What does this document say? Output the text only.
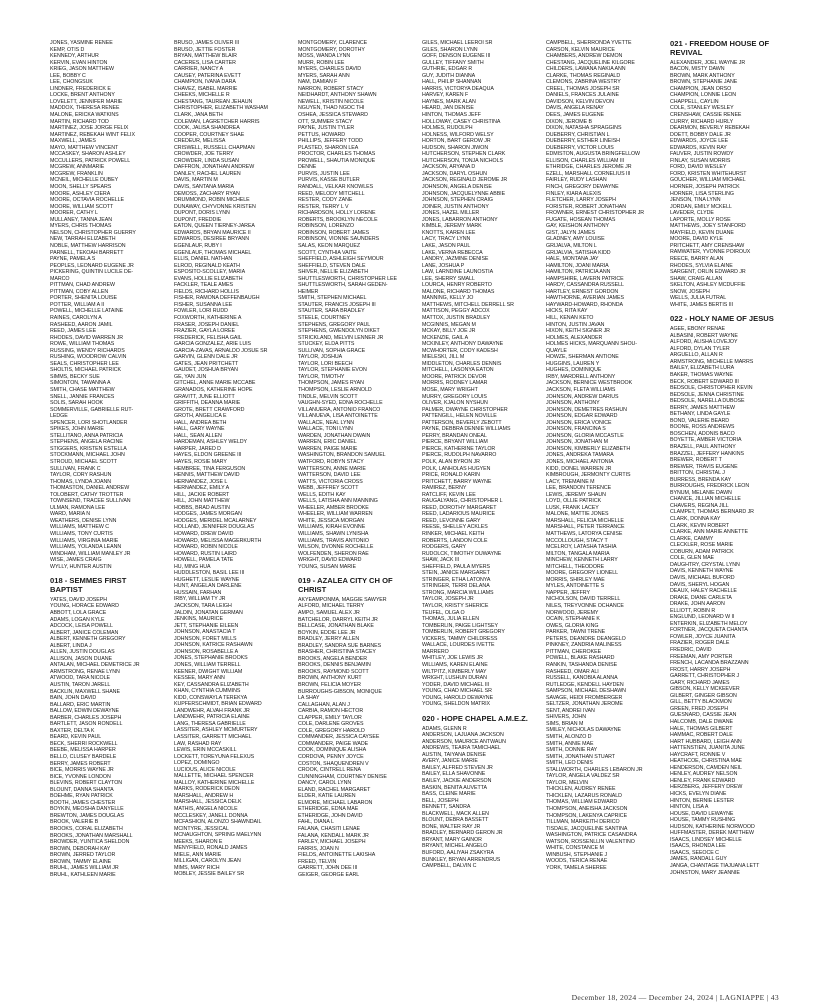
JONES, YASMINE RENEE
KEMP, OTIS D
KENNEDY, ARTHUR
KERVIN, EVAN HINTON
KRIEG, JASON MATTHEW
LEE, BOBBY C
LEE, CHONGSUK
LINDNER, FREDERICK E
LOCKE, BRENT ANTHONY
LOVELETT, JENNIFER MARIE
MADDOX, THERESA RENEE
MALONE, ERICKA WATKINS
MARTIN, RICHARD TOD
MARTINEZ, JOSE JORGE FELIX
MARTINEZ, REBEKAH WINT FELIX
MAXWELL, JAMES
MAYO, MATTHEW VINCENT
MCCASKEY, SHARON ASHLEY
MCCULLERS, PATRICK POWELL
MCGREW, ANNMARIE
MCGREW, FRANKLIN
MCNEIL, MICHELLE DUBEY
MOON, SHELLY SPEARS
MOORE, ASHLEY CIERA
MOORE, OCTAVIA ROCHELLE
MOORE, WILLIAM SCOTT
MOORER, CATHY L
MULLANEY, TANNA JEAN
MYERS, CHRIS THOMAS
NELSON, CHRISTOPHER GUERRY
NEW, TARRAH ELIZABETH
NOBLE, MATTHEW HARRISON
PARNELL, TEKOAH BARRETT
PAYNE, PAMELA S
PEOPLES, LEONARD EUGENE JR
PICKERING, QUINTIN LUCILE DE-
MARCO
PITTMAN, CHAD ANDREW
PITTMAN, COBY ALLEN
PORTER, SHENITA LOUISE
POTTER, WILLIAM A II
POWELL, MICHELLE LATAINE
RAINES, CAROLYN A
RASHEED, AARON JAMIL
REED, JAMES LEE
RHODES, DAVID WARREN JR
ROWE, WILLIAM THOMAS
RUSSING, WENDY RICHARDS
RUSHING, WOODROW CALVIN
SEALS, CHRISTOPHER LEE
SHOLTIS, MICHAEL PATRICK
SIMMS, BECKY SUE
SIMONTON, TAWANNA A
SMITH, CHASE MATTHEW
SNELL, JANNIE FRANCES
SOLIS, SARAH HOOK
SOMMERVILLE, GABRIELLE RUT-
LEDGE
SPENCER, LORI SHOTLANDER
SPIKES, JOHN MARIE
STELLITANO, ANNA PATRICIA
STEPHENS, ANGELA RACINE
STIGGERS, KRISTEN ESTELLA
STOCKMANN, MICHAEL JOHN
STROUD, MICHAEL SCOTT
SULLIVAN, FRANK C
TAYLOR, CORY RASHUN
THOMAS, LYNDA JOANN
THOMASTON, DANIEL ANDREW
TOLOBERT, CATHY TROTTER
TOWNSEND, TRACEE SULLIVAN
ULMAN, RAMONA LEE
WARD, MARIA N
WEATHERS, DENISE LYNN
WILLIAMS, MATTHEW C
WILLIAMS, TONY CURTIS
WILLIAMS, VIRGINIA MARIE
WILLIAMS, YOLANDA LEANN
WINDHAM, WILLIAM MANLEY JR
WISE, JAMES CRAIG
WYLLY, HUNTER AUSTIN
018 - SEMMES FIRST BAPTIST
YATES, DAVID JOSEPH
YOUNG, HORACE EDWARD
ABBOTT, LOLA GRACE
ADAMS, LOGAN KYLE
ADCOCK, LEISA POWELL
ALBERT, JANICE COLEMAN
ALBERT, KENNETH GREGORY
ALBERT, LINDA J
ALLEN, JUSTIN DOUGLAS
ALLISON, JASON DUANE
ANTALAN, MICHAEL DEMETRICE JR
ARMSTRONG, RENAE LYNN
ATWOOD, TARA NICOLE
AUSTIN, TARON JARELL
BACKLIN, MAXWELL SHANE
BAIN, JOHN DAVID
BALLARD, ERIC MARTIN
BALLOW, EDWIN DEWAYNE
BARBER, CHARLES JOSEPH
BARTLETT, JASON RONDELL
BAXTER, DELTA K
BEARD, KEVIN PAUL
BECK, SHERRI ROCKWELL
BEEBE, MELISSA HARPER
BELLO, CLUSEY BARDELE
BERRY, JAMES ROBERT
BICE, MORRIS WAYNE JR
BICE, YVONNE LONDON
BLEVINS, ROBERT CLAYTON
BLOUNT, DANNA SHANTA
BOEHME, RYAN PATRICK
BOOTH, JAMES CHESTER
BOYKIN, MEOSHA DANYELLE
BREWTON, JAMES DOUGLAS
BROOK, VALERIE B
BROOKS, CORAL ELIZABETH
BROOKS, JONATHAN MARSHALL
BROWDER, YUNTICA SHELDON
BROWN, DEBORAH KAY
BROWN, JERRED TAYLOR
BROWN, TAMMY ELAINE
BRUHL, JAMES WILLIAM JR
BRUHL, KATHLEEN MARIE
BRUSO, JAMES OLIVER III
BRUSO, JETTIE FOSTER
BRYAN, MATTHEW BLAIR
CACERES, LISA CARTER
CARRIER, NANCY A
CAUSEY, PATERINA EVETT
CHAMPION, IVANA DARA
CHAVEZ, ISABEL MARRIE
CHEEKS, MICHELLE R
CHESTANG, TAUREAN JEHAUN
CHRISTOPHER, ELIZABETH WASHAM
CLARK, JANA BETH
COLEMAN, LAGRETCHER HARRIS
COOK, JALISA SHANDREA
COOPER, COURTNEY SHAE
CREDEUR, MELISSA
CRISWELL, RUSSELL CHAPMAN
CROWDER, JOE TERRY
CROWDER, LINDA SUSAN
DAFFRON, JONATHAN ANDREW
DANLEY, RACHEL LAUREN
DAVIS, MARTIN M
DAVIS, SANTANA MARIA
DEMOSS, ZACHARY RYAN
DRUMMOND, ROBIN MICHELE
DUNAWAY, CHYVONNE KRISTEN
DUPONT, DORIS LYNN
DUPONT, FREDDIE
EATON, QUEEN TIERNEY-JAREA
EDWARDS, BRYAN MAURICE II
EDWARDS, DESIREE BRYANN
EGENLAUF, RUBY I
EGENLAUF, THOMAS MICHAEL
ELLIS, DANIEL NATHAN
ELROD, REGINALD KEATH
ESPOSITO-SCOLLEY, MARIA
EVANS, HOLLIE ELIZABETH
FACKLER, TEALE AMES
FIELDS, RICHARD HOLLIS
FISHER, RAMONA DEFFENBAUGH
FISHER, SUSANNA LEE
FOWLER, LORI RUDD
FOXWORTH, KATHERINE A
FRASER, JOSEPH DANIEL
FRAZIER, GAYLA LOREE
FREDERICK, FELISHA GAIL
GARCIA GONZALEZ, ARIE LUIS
GARCIA-ZAVAS, ARNALDO JOSUE SR
GARVIN, GLENN DALE JR
GATES, JEAN PRITCHETT
GAUDET, JOSHUA BRYAN
GE, YAN JUN
GITCHEL, ANNE MARIE MCCABE
GRANADOS, KATHERINE HOPE
GRAVITT, JUNE ELLIOTT
GRIFFITH, DEANNA MARIE
GROTE, BRETT CRAWFORD
GROTH, ANGELICA E
HALL, ANDREA BETH
HALL, GARY WAYNE
HALL, SEAN ALLEN
HARDEMAN, ASHLEY WELDY
HARPER, JARED D
HAYES, ELDON GREENE III
HAYES, ROSIE MARY
HEMBREE, TINA FERGUSON
HENNIS, MATTHEW DAVID
HERNANDEZ, JOSE L
HERNANDEZ, EMILY A
HILL, JACKIE ROBERT
HILL, JOHN MATTHEW
HOBBS, BRAD AUSTIN
HODGES, JAMES MORGAN
HODGES, MERIDEL MCALARNEY
HOLLAND, JENNIFER DOUGLAS
HOWARD, DREW DAVID
HOWARD, MELISSA MAGERKURTH
HOWARD, ROBIN NICOLE
HOWARD, RUSTIN LAIRD
HOWELL, PAMELA TATE
HU, MING HUA
HUDDLESTON, BASIL LEE III
HUGHETT, LESLIE WAYNE
HUNT, ANGELAN DARLENE
HUSSAIN, FARHAN
IRBY, WILLIAM TY JR
JACKSON, TARA LEIGH
JALDIN, JONATAN GERMAN
JENKINS, MAURICE
JETT, STEPHANIE EILEEN
JOHNSON, ANASTACIA T
JOHNSON, FORET MILLS
JOHNSON, KATRICE RASHAWN
JOHNSON, ROSABELLE A
JONES, STEPHANIE BROOKS
JONES, WILLIAM TERRELL
KEENER, DWIGHT WILLIAM
KESSEE, MARY ANN
KEY, CASSANDRA ELIZABETH
KHAN, CYNTHIA CUMMINS
KIDD, CONSWAYLA TEREKYA
KUPFERSCHMIDT, BRIAN EDWARD
LANDWEHR, ALVAH FRANK JR
LANDWEHR, PATRICIA ELAINE
LANG, THERESA GABRIELLE
LASSITER, ASHLEY MCMURTERY
LASSITER, GARRETT MICHAEL
LAW, RASHAD RAY
LEWIS, ERIN MCCASKILL
LOCKETT, TOREYUNA FELEXUS
LOPEZ, DOMINGO
LUCIOUS, ALICE NICOLE
MALLETTE, MICHAEL SPENCER
MALLOY, KATHERINE MICHELLE
MARKS, RODERICK DEON
MARSHALL, ANDREW H
MARSHALL, JESSICA DELK
MATHIS, ANGELA NICOLE
MCCLESKEY, JANELL DONNA
MCFASHION, ALONZO SHAWNDAIL
MCINTYRE, JESSICAL
MCNAUGHTON, SPRING MAELYNN
MEEKS, SHARON E
MENYFIELD, RONALD JAMES
MIELE, ANN MARIE
MILLIGAN, CAROLYN JEAN
MIMS, MARY RICH
MOBLEY, JESSIE BAILEY SR
MONTGOMERY, CLARENCE
MONTGOMERY, DOROTHY
MOSS, WANDA LYNN
MURR, ROBIN LEE
MYERS, CHARLES DAVID
MYERS, SARAH ANN
NAM, DAMIAN F
NARRON, ROBERT STACY
NEIDHARDT, ANTHONY SHAWN
NEWELL, KRISTIN NICOLE
NGUYEN, THAO NGOC THI
OSHEA, JESSICA STEWARD
OTT, SUMMER STACY
PAYNE, JUSTIN TYLER
PETTUS, HOWARD
PHILLIPS, JEFFERY TODD
PLASTED, SHARON LEA
PROCTOR, CHARLES THOMAS
PROWELL, SHAUTIA MONIQUE
DENNE
PURVIS, JUSTIN LEE
PURVIS, KASSE BUTLER
RANDALL, VELKAR KNOWLES
REED, MELODY MITCHELL
RESTER, CODY ZANE
RESTER, TERRY L V
RICHARDSON, HOLLY LORENE
ROBERTS, BROOKLYN NECOLE
ROBINSON, LORENZO
ROBINSON, ROBERT JAMES
ROBINSON, VIONNE SAUNDERS
SALAS, KEON MARQUEZ
SCOTT, CYNTHIA VAITE
SHEFFIELD, ASHLEIGH SEYMOUR
SHEFFIELD, STEVEN DALE
SHIVER, NELLIE ELIZABETH
SHUTTLESWORTH, CHRISTOPHER LEE
SHUTTLESWORTH, SARAH GEDEN-
HEIMER
SMITH, STEPHEN MICHAEL
STAUTER, FRANCIS JOSEPH III
STAUTER, SARA BRADLEY
STEELE, COURTNEY
STEPHENS, GREGORY PAUL
STEPHENS, GWENDOLYN DIKET
STRICKLAND, MELVIN LENNER JR
STUCKEY, ELDA PITTS
SULLIVAN, SOPHIA GRACE
TAYLOR, JOSHUA
TAYLOR, LORI BEECH
TAYLOR, STEPHANIE EVON
TAYLOR, TIMOTHY
THOMPSON, JAMES RYAN
THOMPSON, LESLIE ARNOLD
TINDLE, MELVIN SCOTT
VAUGHN-SYED, EDNA ROCHELLE
VILLANUERA, ANTONIO FRANCO
VILLANUEVA, LISA ANTOINETTE
WALLACE, NEAL LYNN
WALLACE, TONI LYNN
WARDEN, JONATHAN DWAIN
WARREN, ERIC DANIEL
WARREN, PAIGE MARIE
WASHINGTON, BRANDON SAMUEL
WATFORD, ROBYN STACY
WATTERSON, ANNE MARIE
WATTERSON, DAVID LEE
WATTS, VICTORIA CROSS
WEBB, JEFFREY SCOTT
WELLS, EDITH KAY
WELLS, LATISHA ANN MANNING
WHEELER, AMBER BROOKE
WHEELER, WILLIAM WARREN
WHITE, JESSICA MORGAN
WILLIAMS, KIRAH EVONNE
WILLIAMS, SHAWN LYNISHA
WILLIAMS, TRAVIS ANTONIO
WILSON, DVONNE ROCHELLE
WOLFENDEN, SHERON RAE
WRIGHT, DAVID EDWARD
YOUNG, SUSAN MARIE
019 - AZALEA CITY CH OF CHRIST
AKYEAMPONMA, MAGGIE SAWYER
ALFORD, MICHAEL TERRY
AMPO, SAMUEL ALEX JR
BATCHELOR, DARRYL KEITH JR
BELLCASE, JONATHAN BLAKE
BOYKIN, EDDIE LEE JR
BRADLEY, JERRY ALLEN
BRADLEY, SANDRA SUE BARNES
BRASHER, CHRISTINA STACEY
BROOKS, ANGELA BENDER
BROOKS, DENNIS BENJAMIN
BROOKS, RAYMOND SCOTT
BROWN, ANTHONY KURT
BROWN, FELICIA MOYER
BURROUGHS-GIBSON, MONIQUE
LA SHAY
CALLAGHAN, ALAN J
CARBIA, RAMON HECTOR
CLAPPER, EMILY TAYLOR
COLE, DARLENE GROVES
COLE, GREGORY HAROLD
COMMANDER, JESSICA CAYSEE
COMMANDER, PAIGE WADE
COOK, DOMINIQUE ALISHA
CORDOVA, PENNY JOYCE
COSTON, SHAQUENDREN V
CROOK, CINTRELL RENA
CUNNINGHAM, COURTNEY DENISE
DANCY, CAROL LYNN
ELAND, RACHEL MARGARET
ELDER, KATIE LAUREN
ELMORE, MICHAEL LABARON
ETHERIDGE, EDNA MAE
ETHERIDGE, JOHN DAVID
FAHL, DIANA L
FALANA, CHASITI LENAE
FALANA, KENDALL MARK JR
FARLEY, MICHAEL JOSEPH
FARRIS, JOAN N
FIELDS, ANTOINETTE LAKISHA
FREED, TELVIN
GARRETT, JOHN DEE III
GEIGER, GEORGE EARL
GILES, MICHAEL LEEROI SR
GILES, SHARON LYNN
GOFF, DENSON EUGENE III
GULLEY, TIFFANY SMITH
GUTHRIE, EDGAR R
GUY, JUDITH DIANNA
HALL, PHILIP SHANNAN
HARRIS, VICTORYA DEAQUA
HARVEY, KAREN F
HAYNES, MARK ALAN
HEARD, JAN DENISE
HINTON, THOMAS JEFF
HOLLOWAY, CASEY CHRISTINA
HOLMES, RUDOLPH
HOLNESS, WILFORD WELSY
HORTON, BART GEROW JR
HUDSON, SHARON JIWON
HUTCHERSON, STEPHEN CLARK
HUTCHERSON, TONJA NICHOLS
JACKSON, ARYANA D
JACKSON, DARYL OSHUN
JACKSON, REGINALD JEROME JR
JOHNSON, ANGELA DENISE
JOHNSON, JACQUELYNNE ABBIE
JOHNSON, STEPHEN CRAIG
JOINER, JUSTIN ANTHONY
JONES, HAZEL MILLER
JONES, LABARRON ANTHONY
KIMBLE, JEREMY MARK
KNOTTS, KAREN LEE
LACY, TRACY LYNN
LAKE, JASON PAUL
LAKE, VERNA REBECCA
LANDRY, JAZMINE DENISE
LANE, JOSHUA P
LAW, LARNDINE LAUNOSTIA
LEE, SHERRY SMALL
LOURCA, HENRY ROBERTO
MALONE, RICHARD THOMAS
MANNING, KELLY JO
MATTHEWS, MITCHELL DERRELL SR
MATTISON, PEGGY ADCOX
MATTOX, JUSTIN BRADLEY
MCGINNIS, MEGAN M
MCKAY, BILLY JOE JR
MCKENZIE, GAIL A
MCKINLEY, ANTHONY DAWAYNE
MCWHORTER, CODY KADESH
MIELESKI, JILL M
MIDDLETON, CHARLES DENNIS
MITCHELL, LASONYA EATON
MOORE, PATRICK DEVOR
MORRIS, RODNEY LAMAR
MOSE, MARY WRIGHT
MURRY, GREGORY LOUIS
OLIVER, KJALON NYSHUN
PALMER, DWAYNE CHRISTOPHER
PATTENGILL, HELEN NOVILLE
PATTERSON, BEVERLY ZEBOTT
PAYNE, DEBBRA DENNIE WILLIAMS
PERRY, BRANDAN ONEAL
PIERCE, BRYANT WILLIAM
PIERCE, KATHERINE TAYLOR
PIERCE, RUDOLPH NAVARRO
POLK, ALAN BYRON JR
POLK, LANHOLAS HUGYEN
PRICE, RONALD KARIN
PRITCHETT, BARRY WAYNE
RAMIREZ, BERNY
RATCLIFF, KEVIN LEE
RAUGALYANG, CHRISTOPHER L
REED, DOROTHY MARGARET
REED, LADARIOUS MAURICE
REED, LEVONNE GARY
REESE, SHELLEY ACKLES
RINKER, MICHAEL KEITH
ROBERTS, LANDON COLE
RODGERS, GARY
RUDOLCK, TIMOTHY DUWAYNE
SHAW, JACK III
SHEFFIELD, PAULA MYERS
STEIN, JANICE MARGARET
STRINGER, ETHA LATONYA
STRINGER, TERRI DELANA
STRONG, MARCIA WILLIAMS
TAYLOR, JOSEPH JR
TAYLOR, KRISTY SHERICE
TEUFEL, OLGA O
THOMAS, JULIA ELLEN
TOMBERLIN, PAIGE LIGHTSEY
TOMBERLIN, ROBERT GREGORY
VICKERS, TAMMY CHILDRESS
WALLACE, LOURDES IVETTE
MARRERO
WHITLEY, JOE LEWIS JR
WILLIAMS, KAREN ELAINE
WILTPITZ, KIMBERLY MAY
WRIGHT, LUSHUN DURAN
YODER, DAVID MICHAEL III
YOUNG, CHAD MICHAEL SR
YOUNG, HAROLD DEWAYNE
YOUNG, SHELDON MATRIX
020 - HOPE CHAPEL A.M.E.Z.
ADAMS, GLENN R
ANDERSON, LAJUANA JACKSON
ANDERSON, MAURICE ANTWAUN
ANDREWS, TEAIRA TAMICHAEL
AUSTIN, TAIYANA DENISE
AVERY, JANICE MARIE
BAILEY, ALFRED STEVEN JR
BAILEY, ELLA SHAVONNE
BAILEY, JACKIE ANDERSON
BASKIN, BENITA AUVETTA
BASS, CLEINE MARIE
BELL, JOSEPH
BENNETT, SANDRA
BLACKWELL, MACK ALLEN
BLOUNT, DEBRA BASSETT
BONE, WALTER RAY JR
BRADLEY, BERNARD GERON JR
BRYANT, MARY GAINOR
BRYANT, MICHEL ANGELO
BUFORD, AALIYAH ZSAKYRA
BUNKLEY, BRYAN ARRENDRUS
CAMPBELL, DALVIN C
CAMPBELL, SHERRONDA YVETTE
CARSON, KELVIN MAURICE
CHAMBERS, ANDREW DEMON
CHESTANG, JACQUELINE KILGORE
CHILDERS, LAWANA NAKIA ANN
CLARKE, THOMAS REGINALD
CLEMONS, ZABRINA WESTRY
CREEL, THOMAS JOSEPH SR
DANIELS, FRANCES JULAINE
DAVIDSON, KELVIN DEVON
DAVIS, ANGELA RENAY
DEES, JAMES EUGENE
DIXON, JEROME B
DIXON, NATASHA SPRAGGINS
DUEBERRY, CHRISTIAN L
DUEBERRY, ESTHER LINEISH
DUEBERRY, VICTOR LOUIS
EDMISTON, AUGUSTA BRINGFELLOW
ELLISON, CHARLES WILLIAM III
ETHRIDGE, CHARLES JEROME JR
EZELL, MARSHALL CORNELIUS III
FAIRLEY, RUDY LASHAN
FINCH, GREGORY DEWAYNE
FINLEY, KIARA ALEXIS
FLETCHER, LARRY JOSEPH
FORISTER, ROBERT JONATHAN
FROWNER, ERNEST CHRISTOPHER JR
FUGATE, HOSEAN THOMAS
GAY, KEISHON ANTHONY
GIST, JALYN JAMES
GLADNEY, AMY LOUISE
GRIJALVA, MILTON L
GRIJALVIA, SATISHA KIDD
HALE, MONTANA JAY
HAMILTON, JOANI MARIA
HAMILTON, PATRICIA ANN
HAMPSHIRE, LAVERN PATRICE
HARDY, CASSANDRA RUSSELL
HARTLEY, ERNEST GORDON
HAWTHORNE, AVERIAN JAMES
HAYWARD-HOWARD, RHONDA
HICKS, RITA KAY
HILL, KENAN KETO
HINTON, JUSTIN JAVAN
HIXON, KEITH SIGNER JR
HOLMES, ALEXANDER
HOLMES HICKS, MARQUANN SHOU-
QUAYLE
HOWZE, SHERMAN ANTIONE
HUGGINS, LAUREN Y
HUGHES, DOMINIQUE
IRBY, MARDRELL ANTHONY
JACKSON, BERNICE WESTBROOK
JACKSON, FLETA WILLIAMS
JOHNSON, ANDREW DARIUS
JOHNSON, ANTHONY
JOHNSON, DEMETRES RASHUN
JOHNSON, EDGAR EDWARD
JOHNSON, ERICA VONICE
JOHNSON, FRANCINA S
JOHNSON, GLORIA MCCASTLE
JOHNSON, JONATHAN M
JOHNSON, KIMBERLY ELIZABETH
JONES, ANDREKA TAMARA
JONES, MICHAEL ANTONIA
KIDD, DONEL WARREN JR
KIMBROUGH, JERMONTY CURTIS
LACY, TREMAINE M
LEE, BRANDON TERENCE
LEWIS, JEREMY SHAUN
LOYD, OLLIE PATRICK
LUSK, FRANK LACEY
MALONE, MATTIE JONES
MARSHALL, FELICIA MICHELLE
MARSHALL, PETER TERRANCE
MATTHEWS, LATORYA CENISE
MCCOLLOUGH, STACY T
MCELROY, LATASHA TASHIA
MILTON, TANGALA MARIA
MINCHEW, KENNETH LARRY
MITCHELL, THEODORE
MOORE, GREGORY LIONELL
MORRIS, SHIRLEY MAE
MYLES, ANTOINETTE S
NAPPER, JEFFRY
NICHOLSON, DAVID TERRELL
NILES, TREYVONNE OCHANCE
NORWOOD, JEREMY
OCAIN, STEPHANIE K
OWES, GLORIA KING
PARKER, TAWNI TRENE
PETERS, DEANDRE DEANGELO
PINKNEY, ZANDRIA MALINESS
PITTMAN, CHEROKEE
POWELL, BLAKE RASHARD
RANKIN, TASHANDA DENISE
RASHEED, OMAR ALI
RUSSELL, KANOBIA ALANNA
RUTLEDGE, KENDELL HAYDEN
SAMPSON, MICHAEL DESHAWN
SAVAGE, HEIDI FROMBERGER
SELTZER, JONATHAN JEROME
SENT, ANDREI IVAN
SHIVERS, JOHN
SIMS, BRIAN M
SMILEY, NICHOLAS DAWAYNE
SMITH, ALONZO D
SMITH, ANNIE MAE
SMITH, DONNIE RAY
SMITH, JONATHAN STUART
SMITH, LEO DENIS
STALLWORTH, CHARLES LEBARON JR
TAYLOR, ANGELA VALDEZ SR
TAYLOR, MELVIN
THICKLEN, AUDREY RENEE
THICKLEN, LAZARUS RONALD
THOMAS, WILLIAM EDWARD
THOMPSON, ANEISHA JACKSON
THOMPSON, LAKENYA CAPRICE
TILLMAN, MARKEITH DERICO
TISDALE, JACQUELINE SANTINA
WASHINGTON, PATRICE CASANDRA
WATSON, ROSSENLLIN VALENTINO
WHITE, CONSTANCE M
WINBUSH, STEPHANIE J
WOODS, TERICA RENAE
YORK, TAMELA SHEREE
021 - FREEDOM HOUSE OF REVIVAL
ALEXANDER, JOEL WAYNE JR
BACON, MISTY DAWN
BROWN, MARK ANTHONY
BROWN, STEPHANIE JANE
CHAMPION, JEAN ORSO
CHAMPION, LONNIE LEON
CHAPPELL, CAYLIN
COLE, STANLEY WESLEY
CRENSHAW, CASSIE RENEE
CURRY, RICHARD HURLY
DEARMON, BEVERLY REBEKAH
DOETT, BOBBY DALE JR
EDWARDS, JOYCE LEE
EDWARDS, KEVIN RAY
FAUVER, JUSTIN ROWDY
FINLAY, SUSAN MORRIS
FORD, DAVID WESLEY
FORD, KRISTEN WHITEHURST
GOUCHER, WILLIAM MICHAEL
HORNER, JOSEPH PATRICK
HORNER, LISA STERLING
JENSON, TINA LYNN
JORDAN, EMILY MCKELL
LAVEDER, CLYDE
LAPORTE, MOLLY ROSE
MATTHEWS, JOEY STANFORD
MAYFIELD, KEVIN DUANE
MOORE, DAVID KYLE
PRITCHETT, AMY CRENSHAW
RAMWATER, YVONNE POIROUX
REECE, BARRY ALAN
RHODES, SYLVIA ELAINE
SARGENT, ORLIN EDWARD JR
SHAW, CRAIG ALLAN
SKELTON, ASHLEY MCDUFFIE
SNOW, JOSEPH
WELLS, JULIA FUTRAL
WHITE, JAMES BERTIS III
022 - HOLY NAME OF JESUS
AGEE, EBONY RENAE
ALBASINI, ROBERT WAYNE
ALFORD, ALISHA LOVEJOY
ALFORD, DYLAN TYLER
ARGUELLO, ALLAN R
ARMSTRONG, MICHELLE MARRS
BAILEY, ELIZABETH LURA
BAKER, THOMAS WAYNE
BECK, ROBERT EDWARD III
BEDSOLE, CHRISTOPHER KEVIN
BEDSOLE, JENNA CHRISTINE
BEDSOLE, NARELLA DUBOSE
BERRY, JAMES MATTHEW
BETHANY, LINDA GAYLE
BOND, VALERIE BEARD
BOONE, ROSS ANDREWS
BOSCHEN, ADONIS BACO
BOYETTE, AMBER VICTORIA
BRAZELL, PAUL ANTHONY
BRAZZEL, JEFFERY HANKINS
BREWER, ROBERT T
BREWER, TRAVIS EUGENE
BRITTON, CHRISTAL J
BURRESS, BRENDA KAY
BURROUGHS, FREDRICK LEON
BYNUM, MELANIE DAWN
CHANCE, JILLIAN MICHELLE
CHAVERS, REGINA JILL
CLAMPET, THOMAS BERNARD JR
CLARK, DONNA KAY
CLARK, KEVIN ROBERT
CLARKE, ANN MARIE ANNETTE
CLARKE, CAMMY
CLECKLER, ROSE MARIE
COBURN, ADAM PATRICK
COLE, GLEN MAE
DAUGHTRY, CRYSTAL LYNN
DAVIS, KENNETH WAYNE
DAVIS, MICHAEL BUFORD
DAVIS, SHERYL HOGAN
DEAUX, HALEY RACHELLE
DRAKE, DIANE CARLETA
DRAKE, JOHN AARON
ELLIOTT, ROBIN R
ENGLUND, LEONARD W II
ENTERKIN, ELIZABETH MELOY
FORTNER, JACQUETA CHANTA
FOWLER, JOYCE JUANITA
FRAZIER, ROGER DALE
FREDRIC, DAVID
FREEMAN, AMY PORTER
FRENCH, LACANDA BRAZZANN
FROST, HARRY JOSEPH
GARRETT, CHRISTOPHER J
GARY, RICHARD JAMES
GIBSON, KELLY MCKEEVER
GILBERT, GINGER GIBSON
GILL, BETTY BLACKMON
GREEN, FRED JOSEPH
GUESNARD, CASSIE JEAN
HALCOMB, DALE DWANE
HALE, THOMAS GILBERT
HAMMAC, ROBERT DALE
HART HUBBARD, LEIGH ANN
HATTENSTIEN, JUANITA JUNE
HAYCRAFT, RONNIE V
HEATHCOE, CHRISTINA MAE
HENDERSON, CAMDEN NEIL
HENLEY, AUDREY NELSON
HENLEY, FRANK EDWARD
HERZBERG, JEFFERY DREW
HICKS, EVELYN DIANE
HINTON, BERNIE LESTER
HINTON, LISA A
HOUSE, DAVID LEWAYNE
HOUSE, TAMMY RUSHING
HUDSON, KATHERINE NORWOOD
HUFFMASTER, DEREK MATTHEW
ISAACS, LINDSEY MICHELLE
ISAACS, RHONDA LEE
ISAACS, SEEOCE C
JAMES, RANDALL GUY
JANGA, CHANTAGE TIAJUANA LETT
JOHNSTON, MARY JEANNIE
December 18, 2024 — December 24, 2024 | LAGNIAPPE | 43
